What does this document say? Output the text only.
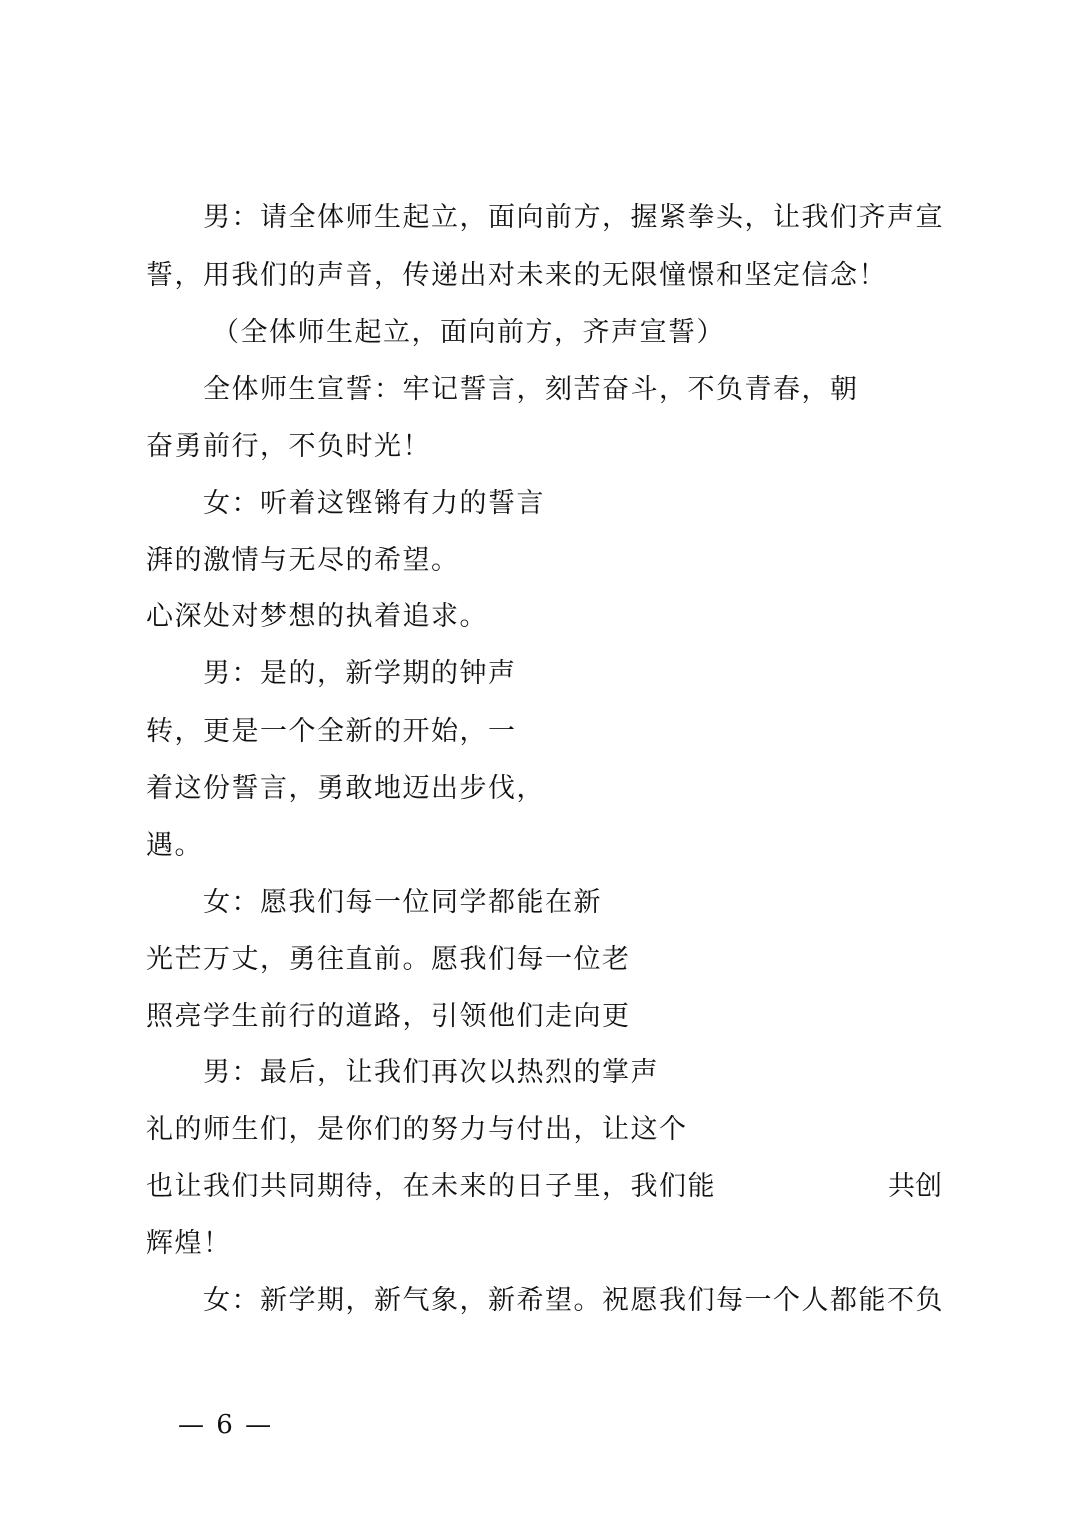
男：请全体师生起立，面向前方，握紧拳头，让我们齐声宣
誓，用我们的声音，传递出对未来的无限憧憬和坚定信念！
（全体师生起立，面向前方，齐声宣誓）
全体师生宣誓：牢记誓言，刻苦奋斗，不负青春，朝
奋勇前行，不负时光！
女：听着这铿锵有力的誓言
湃的激情与无尽的希望。
心深处对梦想的执着追求。
男：是的，新学期的钟声
转，更是一个全新的开始，一
着这份誓言，勇敢地迈出步伐，
遇。
女：愿我们每一位同学都能在新
光芒万丈，勇往直前。愿我们每一位老
照亮学生前行的道路，引领他们走向更
男：最后，让我们再次以热烈的掌声
礼的师生们，是你们的努力与付出，让这个
也让我们共同期待，在未来的日子里，我们能	共创
辉煌！
女：新学期，新气象，新希望。祝愿我们每一个人都能不负
— 6 —
